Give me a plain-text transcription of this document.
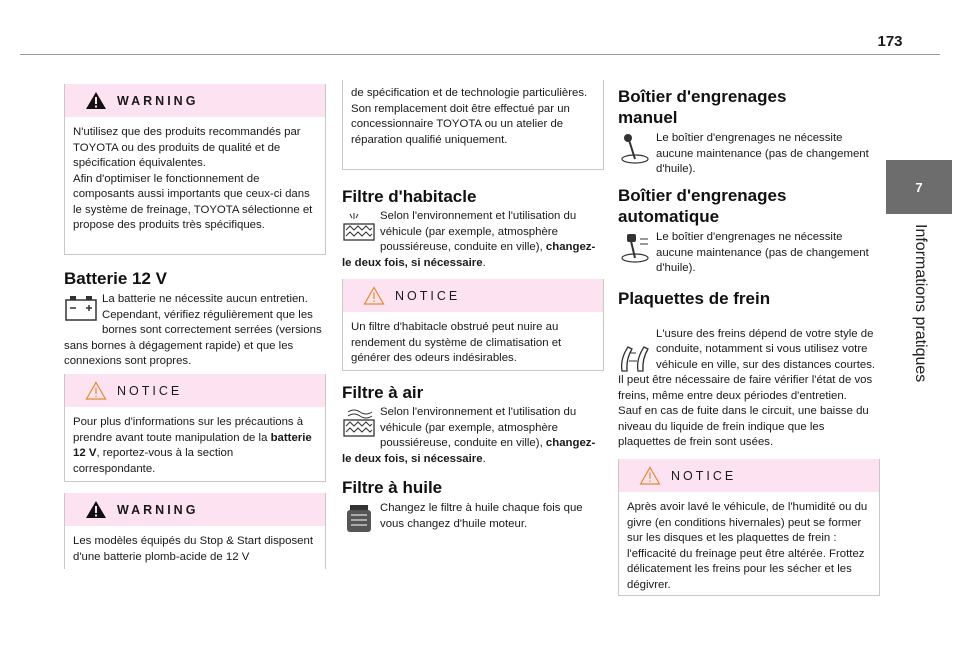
173
7
Informations pratiques
WARNING
N'utilisez que des produits recommandés par TOYOTA ou des produits de qualité et de spécification équivalentes.
Afin d'optimiser le fonctionnement de composants aussi importants que ceux-ci dans le système de freinage, TOYOTA sélectionne et propose des produits très spécifiques.
Batterie 12 V
La batterie ne nécessite aucun entretien. Cependant, vérifiez régulièrement que les bornes sont correctement serrées (versions sans bornes à dégagement rapide) et que les connexions sont propres.
NOTICE
Pour plus d'informations sur les précautions à prendre avant toute manipulation de la batterie 12 V, reportez-vous à la section correspondante.
WARNING
Les modèles équipés du Stop & Start disposent d'une batterie plomb-acide de 12 V
de spécification et de technologie particulières.
Son remplacement doit être effectué par un concessionnaire TOYOTA ou un atelier de réparation qualifié uniquement.
Filtre d'habitacle
Selon l'environnement et l'utilisation du véhicule (par exemple, atmosphère poussiéreuse, conduite en ville), changez-le deux fois, si nécessaire.
NOTICE
Un filtre d'habitacle obstrué peut nuire au rendement du système de climatisation et générer des odeurs indésirables.
Filtre à air
Selon l'environnement et l'utilisation du véhicule (par exemple, atmosphère poussiéreuse, conduite en ville), changez-le deux fois, si nécessaire.
Filtre à huile
Changez le filtre à huile chaque fois que vous changez d'huile moteur.
Boîtier d'engrenages
manuel
Le boîtier d'engrenages ne nécessite aucune maintenance (pas de changement d'huile).
Boîtier d'engrenages
automatique
Le boîtier d'engrenages ne nécessite aucune maintenance (pas de changement d'huile).
Plaquettes de frein

L'usure des freins dépend de votre style de conduite, notamment si vous utilisez votre véhicule en ville, sur des distances courtes. Il peut être nécessaire de faire vérifier l'état de vos freins, même entre deux périodes d'entretien.
Sauf en cas de fuite dans le circuit, une baisse du niveau du liquide de frein indique que les plaquettes de frein sont usées.

NOTICE
Après avoir lavé le véhicule, de l'humidité ou du givre (en conditions hivernales) peut se former sur les disques et les plaquettes de frein : l'efficacité du freinage peut être altérée. Frottez délicatement les freins pour les sécher et les dégivrer.
